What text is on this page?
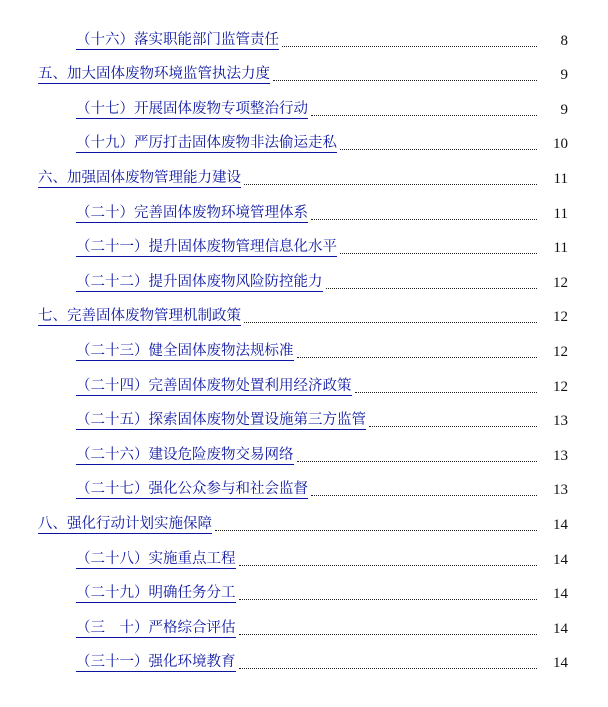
（十六）落实职能部门监管责任	8
五、加大固体废物环境监管执法力度	9
（十七）开展固体废物专项整治行动	9
（十九）严厉打击固体废物非法偷运走私	10
六、加强固体废物管理能力建设	11
（二十）完善固体废物环境管理体系	11
（二十一）提升固体废物管理信息化水平	11
（二十二）提升固体废物风险防控能力	12
七、完善固体废物管理机制政策	12
（二十三）健全固体废物法规标准	12
（二十四）完善固体废物处置利用经济政策	12
（二十五）探索固体废物处置设施第三方监管	13
（二十六）建设危险废物交易网络	13
（二十七）强化公众参与和社会监督	13
八、强化行动计划实施保障	14
（二十八）实施重点工程	14
（二十九）明确任务分工	14
（三　十）严格综合评估	14
（三十一）强化环境教育	14
